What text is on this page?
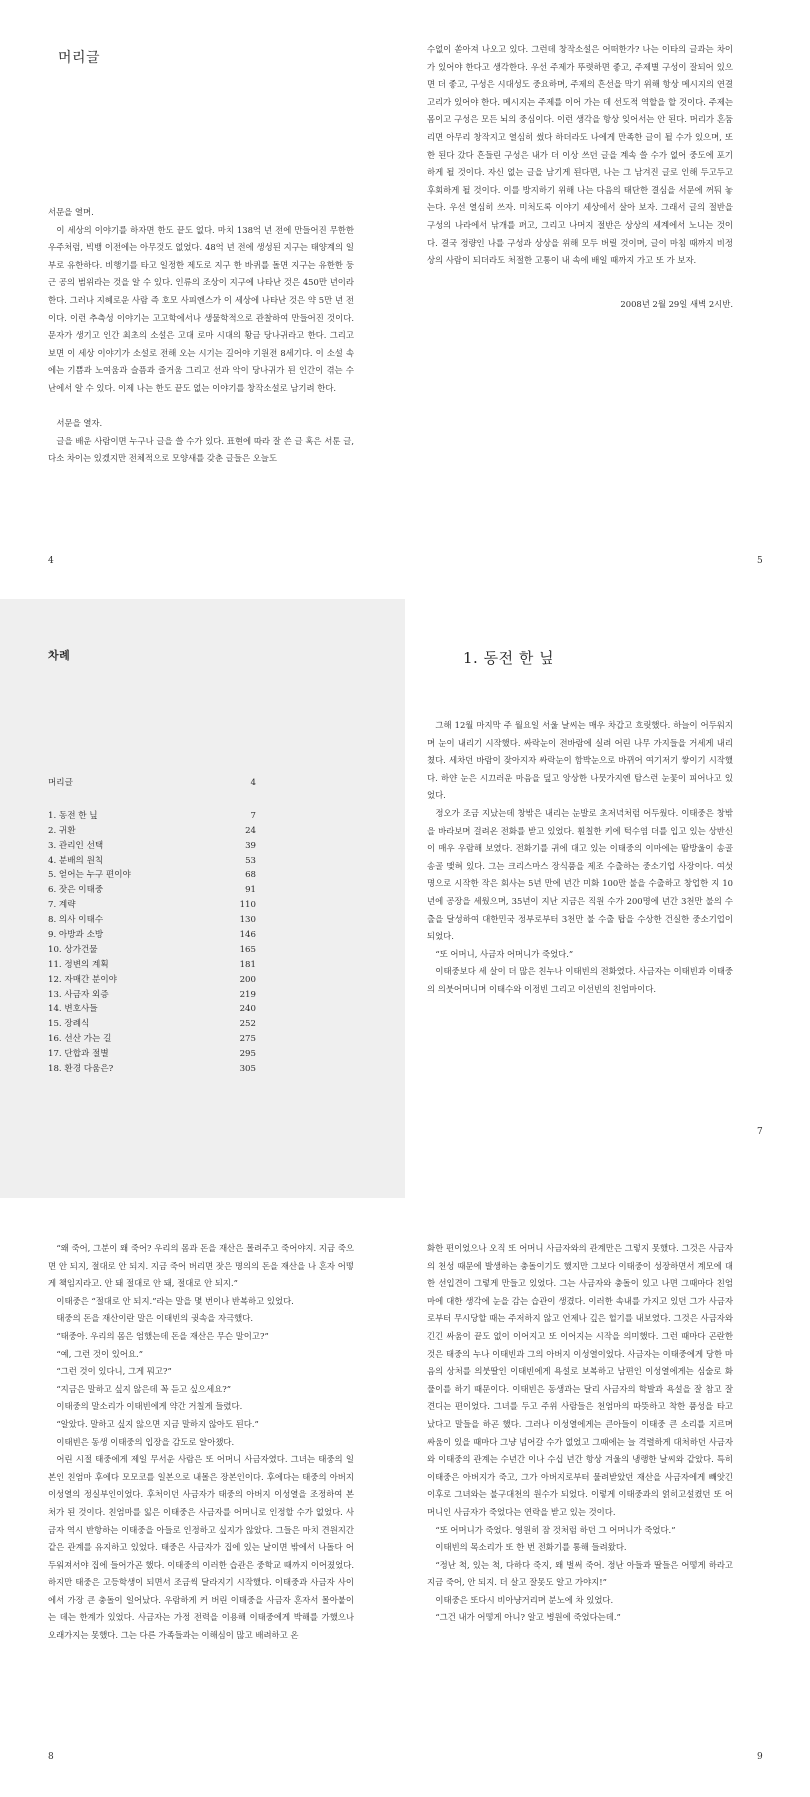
머리글

서문을 열며.

이 세상의 이야기를 하자면 한도 끝도 없다. 마치 138억 년 전에 만들어진 무한한 우주처럼, 빅뱅 이전에는 아무것도 없었다. 48억 년 전에 생성된 지구는 태양계의 일부로 유한하다. 비행기를 타고 일정한 제도로 지구 한 바퀴를 돌면 지구는 유한한 둥근 공의 범위라는 것을 알 수 있다. 인류의 조상이 지구에 나타난 것은 450만 년이라 한다. 그러나 지혜로운 사람 즉 호모 사피엔스가 이 세상에 나타난 것은 약 5만 년 전이다. 이런 추측성 이야기는 고고학에서나 생물학적으로 관찰하여 만들어진 것이다. 문자가 생기고 인간 최초의 소설은 고대 로마 시대의 황금 당나귀라고 한다. 그리고 보면 이 세상 이야기가 소설로 전해 오는 시기는 길어야 기원전 8세기다. 이 소설 속에는 기쁨과 노여움과 슬픔과 즐거움 그리고 선과 악이 당나귀가 된 인간이 겪는 수난에서 알 수 있다. 이제 나는 한도 끝도 없는 이야기를 창작소설로 남기려 한다.

서문을 열자.

글을 배운 사람이면 누구나 글을 쓸 수가 있다. 표현에 따라 잘 쓴 글 혹은 서툰 글, 다소 차이는 있겠지만 전체적으로 모양새를 갖춘 글들은 오늘도

4

수없이 쏟아져 나오고 있다. 그런데 창작소설은 어떠한가? 나는 이타의 글과는 차이가 있어야 한다고 생각한다. 우선 주제가 뚜렷하면 좋고, 주제별 구성이 잘되어 있으면 더 좋고, 구성은 시대성도 중요하며, 주제의 흔선을 막기 위해 항상 메시지의 연결 고리가 있어야 한다. 메시지는 주제를 이어 가는 데 선도적 역할을 할 것이다. 주제는 몸이고 구성은 모든 뇌의 중심이다. 이런 생각을 항상 잊어서는 안 된다. 머리가 혼둠리면 아무리 창작지고 열심히 썼다 하더라도 나에게 만족한 글이 될 수가 있으며, 또한 된다 갔다 흔들린 구성은 내가 더 이상 쓰던 글을 계속 쓸 수가 없어 중도에 포기하게 될 것이다. 자신 없는 글을 남기게 된다면, 나는 그 남겨진 글로 인해 두고두고 후회하게 될 것이다. 이를 방지하기 위해 나는 다음의 태단한 결심을 서문에 꺼둬 놓는다. 우선 열심히 쓰자. 미처도록 이야기 세상에서 살아 보자. 그래서 글의 절반을 구성의 나라에서 낚개를 펴고, 그리고 나머지 절반은 상상의 세계에서 노니는 것이다. 결국 정량인 나를 구성과 상상을 위해 모두 버릴 것이며, 글이 마침 때까지 비정상의 사람이 되더라도 처절한 고통이 내 속에 배일 때까지 가고 또 가 보자.

2008년 2월 29일 새벽 2시반.

5
차례
머리글	4
1. 동전 한 닢	7
2. 귀환	24
3. 관리인 선택	39
4. 분배의 원칙	53
5. 얻어는 누구 편이야	68
6. 잣은 이태중	91
7. 계략	110
8. 의사 이태수	130
9. 아방과 소방	146
10. 상가건물	165
11. 정변의 계획	181
12. 자매간 분이야	200
13. 사금자 외증	219
14. 변호사들	240
15. 장례식	252
16. 선산 가는 길	275
17. 단합과 절별	295
18. 환경 다움은?	305
1. 동전 한 닢

그해 12월 마지막 주 월요일 서울 날씨는 매우 차갑고 흐릿했다. 하늘이 어두워지며 눈이 내리기 시작했다. 싸락눈이 전바람에 실려 어린 나무 가지들을 거세게 내리쳤다. 세차던 바람이 잦아지자 싸락눈이 함박눈으로 바뀌어 여기저기 쌓이기 시작했다. 하얀 눈은 시끄러운 마음을 덮고 앙상한 나뭇가지엔 탐스런 눈꽃이 피어나고 있었다.

정오가 조금 지났는데 창밖은 내리는 눈발로 초저녁처럼 어두웠다. 이태중은 창밖을 바라보며 걸려온 전화를 받고 있었다. 훤칠한 키에 턱수염 더를 입고 있는 상반신이 매우 우람해 보였다. 전화기를 귀에 대고 있는 이태중의 이마에는 땀방울이 송골송골 맺혀 있다. 그는 크리스마스 장식품을 제조 수출하는 중소기업 사장이다. 여섯 명으로 시작한 작은 회사는 5년 만에 년간 미화 100만 불을 수출하고 창업한 지 10년에 공장을 세웠으며, 35년이 지난 지금은 직원 수가 200명에 년간 3천만 불의 수출을 달성하여 대한민국 정부로부터 3천만 불 수출 탑을 수상한 건실한 중소기업이 되었다.

“또 어머니, 사금자 어머니가 죽었다.”

이태중보다 세 살이 더 많은 친누나 이태빈의 전화였다. 사금자는 이태빈과 이태중의 의붓어머니며 이태수와 이정빈 그리고 이선빈의 친엄마이다.

7

“왜 죽어, 그분이 왜 죽어? 우리의 몸과 돈을 재산은 몰려주고 죽어야지. 지금 죽으면 안 되지, 절대로 안 되지. 지금 죽어 버리면 잣은 명의의 돈을 재산을 나 혼자 어떻게 책임지라고. 안 돼 절대로 안 돼, 절대로 안 되지.”

이태중은 “절대로 안 되지.”라는 말을 몇 번이나 반복하고 있었다.

태중의 돈을 재산이란 말은 이태빈의 귓속을 자극했다.

“태중아. 우리의 몸은 엄했는데 돈을 재산은 무슨 말이고?”

“예, 그런 것이 있어요.”

“그런 것이 있다니, 그게 뭐고?”

“지금은 말하고 싶지 않은데 꼭 듣고 싶으세요?”

이태중의 말소리가 이태빈에게 약간 거칠게 들렸다.

“알았다. 말하고 싶지 않으면 지금 말하지 않아도 된다.”

이태빈은 동생 이태중의 입장을 감도로 알아챘다.

어린 시절 태중에게 제일 무서운 사람은 또 어머니 사금자였다. 그녀는 태중의 일본인 친엄마 후에다 모모코를 일본으로 내몰은 장본인이다. 후에다는 태중의 아버지 이성열의 정실부인이었다. 후처이던 사금자가 태중의 아버지 이성열을 조정하여 본처가 된 것이다. 친엄마를 잃은 이태중은 사금자를 어머니로 인정할 수가 없었다. 사금자 역시 반항하는 이태중을 아들로 인정하고 싶지가 않았다. 그들은 마치 견원지간 같은 관계를 유지하고 있었다. 태중은 사금자가 집에 있는 날이면 밖에서 나돌다 어두워져서야 집에 들어가곤 했다. 이태중의 이러한 습관은 중학교 때까지 이어졌었다. 하지만 태중은 고등학생이 되면서 조금씩 달라지기 시작했다. 이태중과 사금자 사이에서 가장 큰 충돌이 일어났다. 우람하게 커 버린 이태중을 사금자 혼자서 몰아붙이는 데는 한계가 있었다. 사금자는 가정 전력을 이용해 이태중에게 박해를 가했으나 오래가지는 못했다. 그는 다른 가족들과는 이해심이 많고 배려하고 온

8

화한 편이었으나 오직 또 어머니 사금자와의 관계만은 그렇지 못했다. 그것은 사금자의 천성 때문에 발생하는 충돌이기도 했지만 그보다 이태중이 성장하면서 계모에 대한 선입견이 그렇게 만들고 있었다. 그는 사금자와 충돌이 있고 나면 그때마다 친엄마에 대한 생각에 눈을 감는 습관이 생겼다. 이러한 속내를 가지고 있던 그가 사금자로부터 무시당할 때는 주저하지 않고 언제나 깊은 헐기를 내보였다. 그것은 사금자와 긴긴 싸움이 끝도 없이 이어지고 또 이어지는 시작을 의미했다. 그런 때마다 곤란한 것은 태중의 누나 이태빈과 그의 아버지 이성열이었다. 사금자는 이태중에게 당한 마음의 상처를 의붓딸인 이태빈에게 욕설로 보복하고 남편인 이성열에게는 심술로 화풀이를 하기 때문이다. 이태빈은 동생과는 달리 사금자의 학발과 욕설을 잘 참고 잘 견디는 편이었다. 그녀를 두고 주위 사람들은 천엄마의 따뜻하고 착한 품성을 타고 났다고 말들을 하곤 했다. 그러나 이성열에게는 큰아들이 이태중 큰 소리를 지르며 싸움이 있을 때마다 그냥 넘어갈 수가 없었고 그때에는 늘 격렬하게 대처하던 사금자와 이태중의 관계는 수년간 이나 수십 년간 항상 겨울의 냉랭한 날씨와 같았다. 특히 이태중은 아버지가 죽고, 그가 아버지로부터 물려받았던 재산을 사금자에게 빼앗긴 이후로 그녀와는 불구대천의 원수가 되었다. 이렇게 이태중과의 얽히고설켰던 또 어머니인 사금자가 죽었다는 연락을 받고 있는 것이다.

“또 어머니가 죽었다. 영원히 잠 것처럼 하던 그 어머니가 죽었다.”

이태빈의 목소리가 또 한 번 전화기를 통해 들려왔다.

“정난 척, 있는 척, 다하다 죽지, 왜 벌써 죽어. 정난 아들과 딸들은 어떻게 하라고 지금 죽어, 안 되지. 더 살고 잘못도 알고 가야지!”

이태중은 또다시 비아냥거리며 분노에 차 있었다.

“그건 내가 어떻게 아니? 알고 병원에 죽었다는데.”

9
